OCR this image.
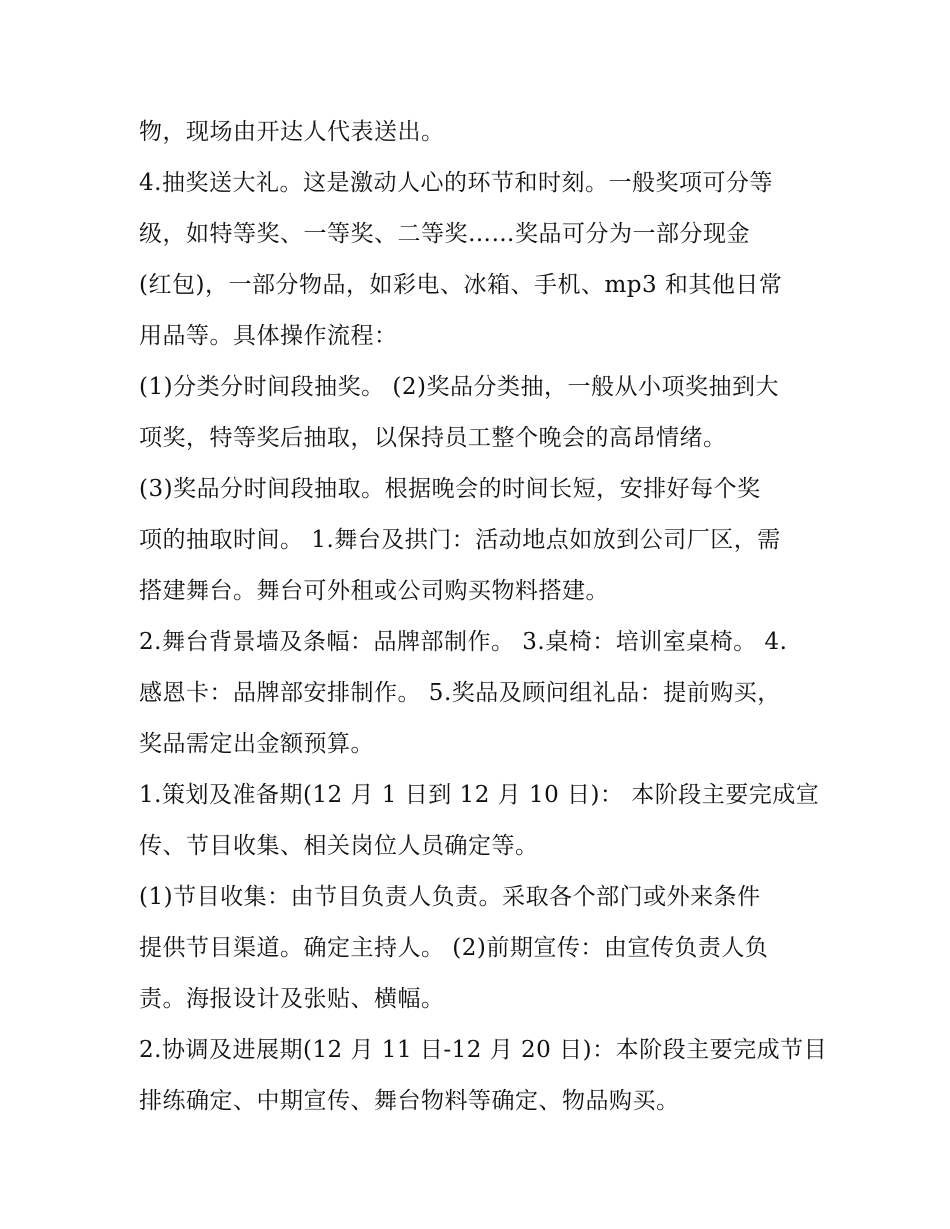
物，现场由开达人代表送出。
4.抽奖送大礼。这是激动人心的环节和时刻。一般奖项可分等
级，如特等奖、一等奖、二等奖……奖品可分为一部分现金
(红包)，一部分物品，如彩电、冰箱、手机、mp3 和其他日常
用品等。具体操作流程：
(1)分类分时间段抽奖。 (2)奖品分类抽，一般从小项奖抽到大
项奖，特等奖后抽取，以保持员工整个晚会的高昂情绪。
(3)奖品分时间段抽取。根据晚会的时间长短，安排好每个奖
项的抽取时间。 1.舞台及拱门：活动地点如放到公司厂区，需
搭建舞台。舞台可外租或公司购买物料搭建。
2.舞台背景墙及条幅：品牌部制作。 3.桌椅：培训室桌椅。 4.
感恩卡：品牌部安排制作。 5.奖品及顾问组礼品：提前购买，
奖品需定出金额预算。
1.策划及准备期(12 月 1 日到 12 月 10 日)： 本阶段主要完成宣
传、节目收集、相关岗位人员确定等。
(1)节目收集：由节目负责人负责。采取各个部门或外来条件
提供节目渠道。确定主持人。 (2)前期宣传：由宣传负责人负
责。海报设计及张贴、横幅。
2.协调及进展期(12 月 11 日-12 月 20 日)：本阶段主要完成节目
排练确定、中期宣传、舞台物料等确定、物品购买。
